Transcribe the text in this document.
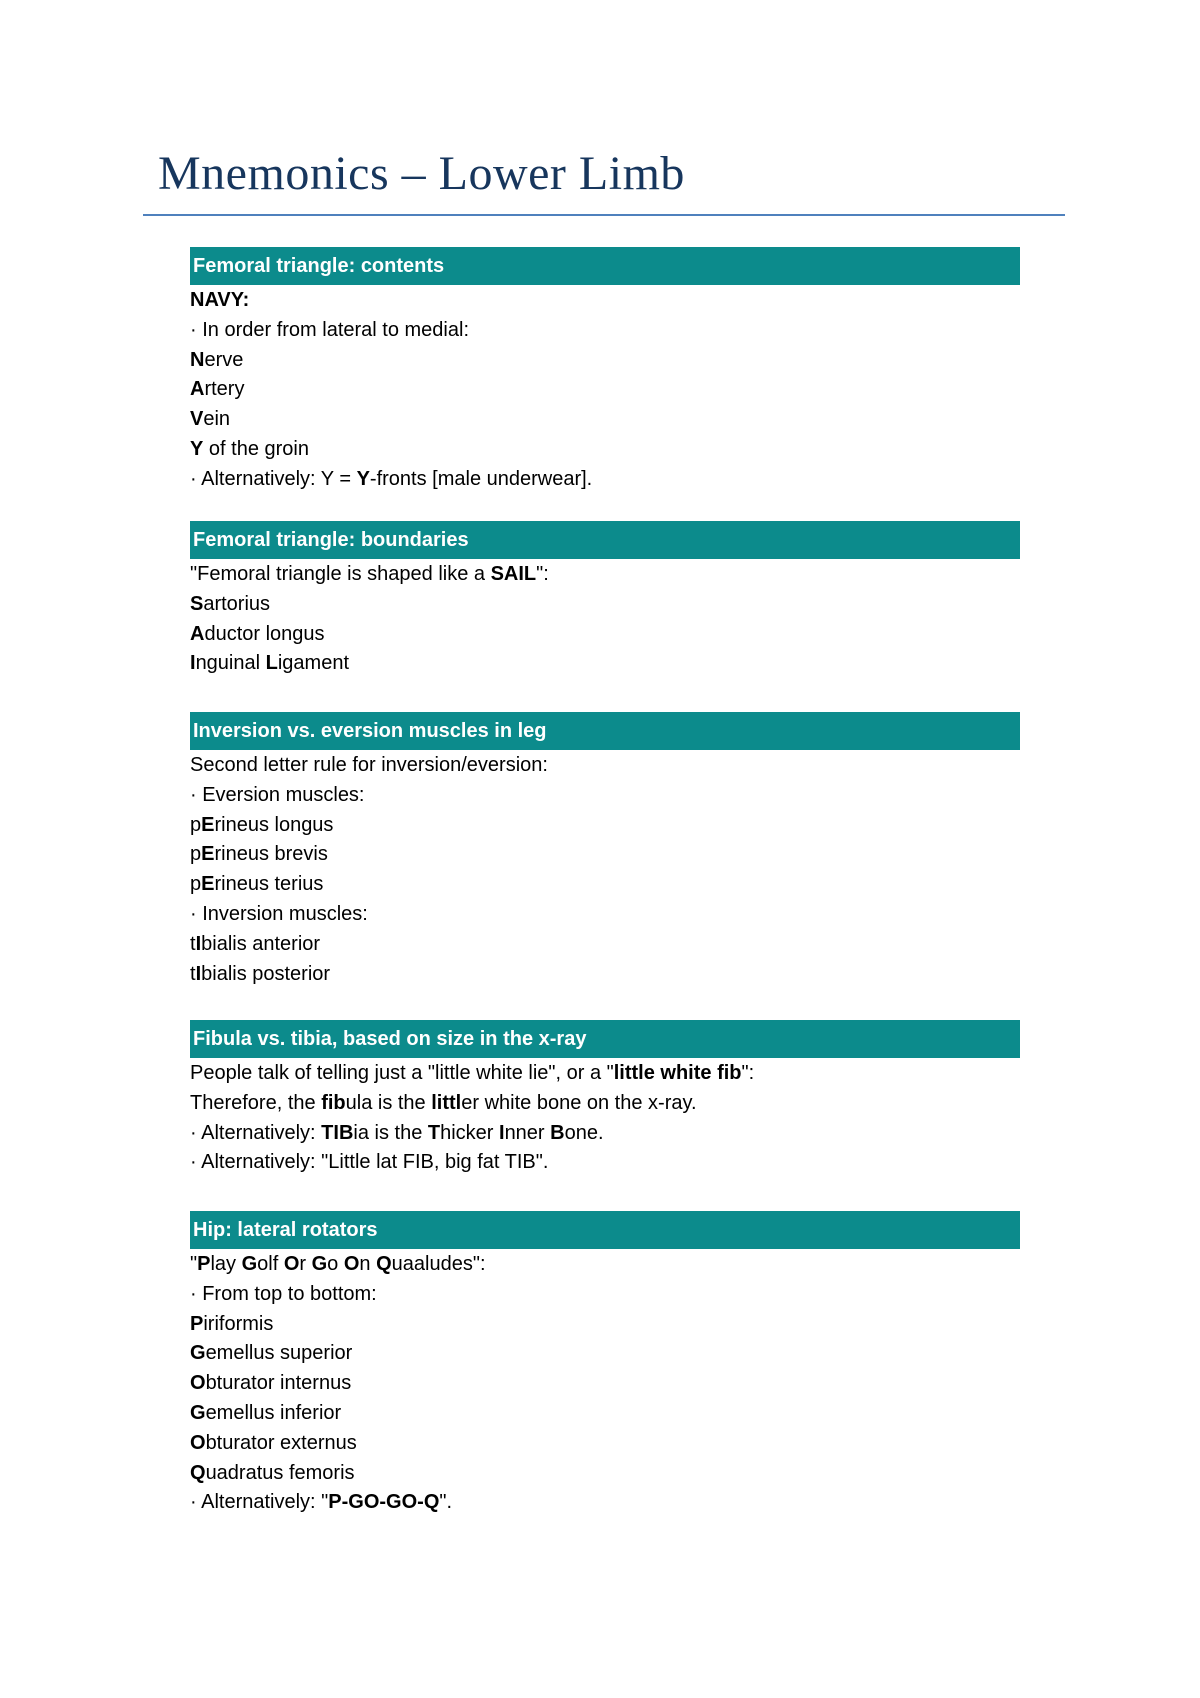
Mnemonics – Lower Limb
Femoral triangle: contents
NAVY:
· In order from lateral to medial:
Nerve
Artery
Vein
Y of the groin
· Alternatively: Y = Y-fronts [male underwear].
Femoral triangle: boundaries
"Femoral triangle is shaped like a SAIL":
Sartorius
Aductor longus
Inguinal Ligament
Inversion vs. eversion muscles in leg
Second letter rule for inversion/eversion:
· Eversion muscles:
pErineus longus
pErineus brevis
pErineus terius
· Inversion muscles:
tIbialis anterior
tIbialis posterior
Fibula vs. tibia, based on size in the x-ray
People talk of telling just a "little white lie", or a "little white fib":
Therefore, the fibula is the littler white bone on the x-ray.
· Alternatively: TIBia is the Thicker Inner Bone.
· Alternatively: "Little lat FIB, big fat TIB".
Hip: lateral rotators
"Play Golf Or Go On Quaaludes":
· From top to bottom:
Piriformis
Gemellus superior
Obturator internus
Gemellus inferior
Obturator externus
Quadratus femoris
· Alternatively: "P-GO-GO-Q".
